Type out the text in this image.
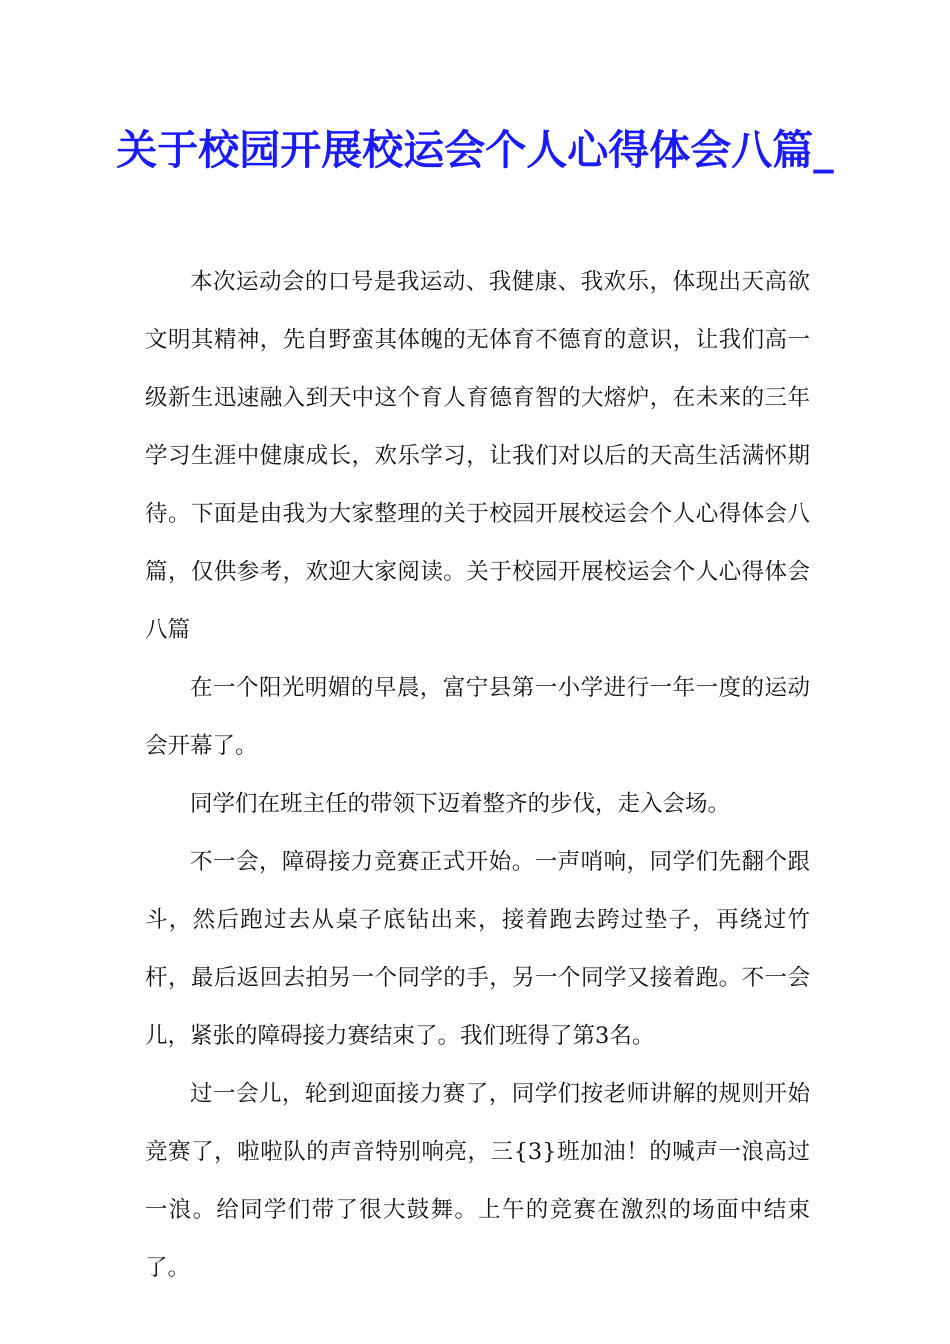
关于校园开展校运会个人心得体会八篇_

本次运动会的口号是我运动、我健康、我欢乐，体现出天高欲文明其精神，先自野蛮其体魄的无体育不德育的意识，让我们高一级新生迅速融入到天中这个育人育德育智的大熔炉，在未来的三年学习生涯中健康成长，欢乐学习，让我们对以后的天高生活满怀期待。下面是由我为大家整理的关于校园开展校运会个人心得体会八篇，仅供参考，欢迎大家阅读。关于校园开展校运会个人心得体会八篇

在一个阳光明媚的早晨，富宁县第一小学进行一年一度的运动会开幕了。

同学们在班主任的带领下迈着整齐的步伐，走入会场。

不一会，障碍接力竞赛正式开始。一声哨响，同学们先翻个跟斗，然后跑过去从桌子底钻出来，接着跑去跨过垫子，再绕过竹杆，最后返回去拍另一个同学的手，另一个同学又接着跑。不一会儿，紧张的障碍接力赛结束了。我们班得了第3名。

过一会儿，轮到迎面接力赛了，同学们按老师讲解的规则开始竞赛了，啦啦队的声音特别响亮，三{3}班加油！的喊声一浪高过一浪。给同学们带了很大鼓舞。上午的竞赛在激烈的场面中结束了。
